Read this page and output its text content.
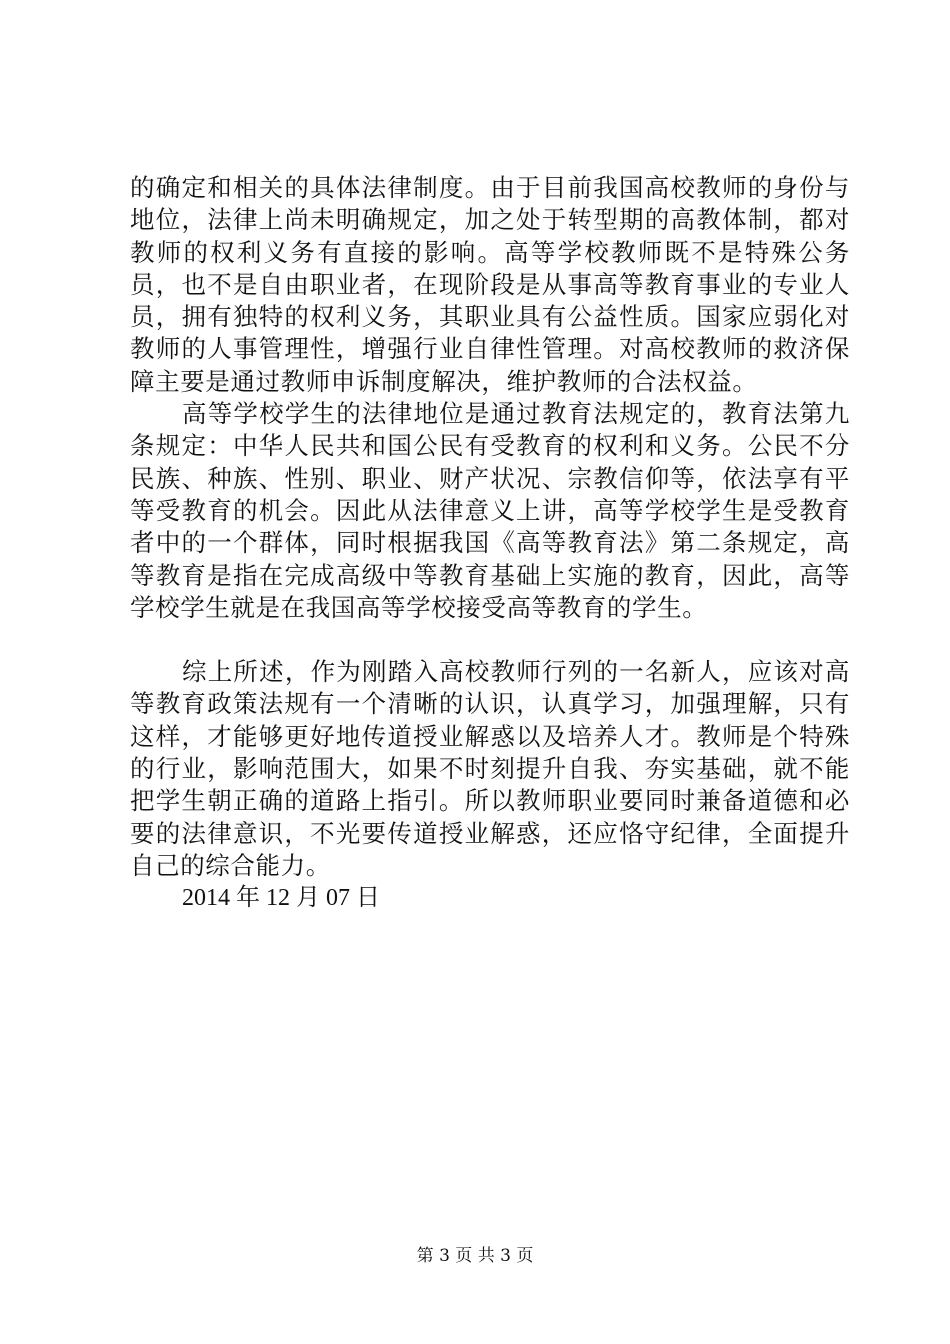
的确定和相关的具体法律制度。由于目前我国高校教师的身份与地位，法律上尚未明确规定，加之处于转型期的高教体制，都对教师的权利义务有直接的影响。高等学校教师既不是特殊公务员，也不是自由职业者，在现阶段是从事高等教育事业的专业人员，拥有独特的权利义务，其职业具有公益性质。国家应弱化对教师的人事管理性，增强行业自律性管理。对高校教师的救济保障主要是通过教师申诉制度解决，维护教师的合法权益。

高等学校学生的法律地位是通过教育法规定的，教育法第九条规定：中华人民共和国公民有受教育的权利和义务。公民不分民族、种族、性别、职业、财产状况、宗教信仰等，依法享有平等受教育的机会。因此从法律意义上讲，高等学校学生是受教育者中的一个群体，同时根据我国《高等教育法》第二条规定，高等教育是指在完成高级中等教育基础上实施的教育，因此，高等学校学生就是在我国高等学校接受高等教育的学生。

综上所述，作为刚踏入高校教师行列的一名新人，应该对高等教育政策法规有一个清晰的认识，认真学习，加强理解，只有这样，才能够更好地传道授业解惑以及培养人才。教师是个特殊的行业，影响范围大，如果不时刻提升自我、夯实基础，就不能把学生朝正确的道路上指引。所以教师职业要同时兼备道德和必要的法律意识，不光要传道授业解惑，还应恪守纪律，全面提升自己的综合能力。

2014 年 12 月 07 日

第 3 页 共 3 页
